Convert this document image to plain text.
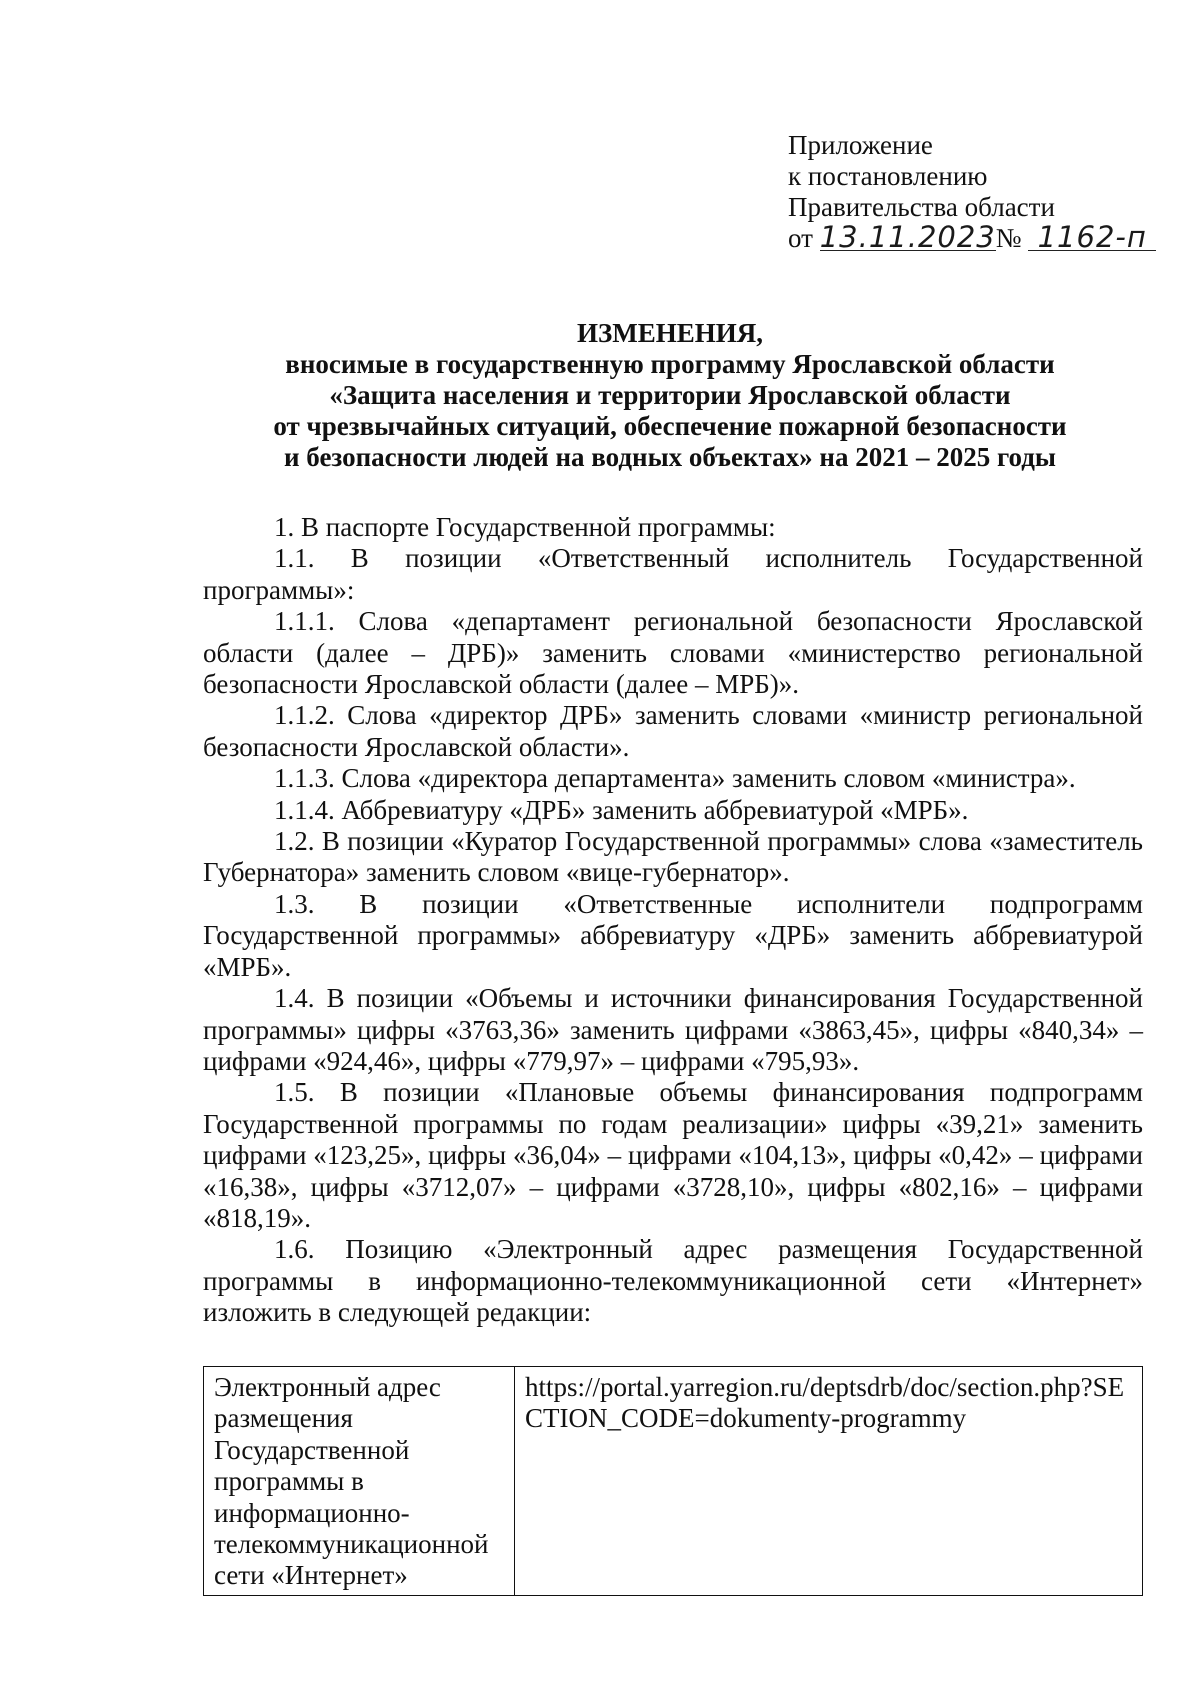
Приложение
к постановлению
Правительства области
от 13.11.2023№ 1162-п
ИЗМЕНЕНИЯ,
вносимые в государственную программу Ярославской области
«Защита населения и территории Ярославской области
от чрезвычайных ситуаций, обеспечение пожарной безопасности
и безопасности людей на водных объектах» на 2021 – 2025 годы

1. В паспорте Государственной программы:

1.1. В позиции «Ответственный исполнитель Государственной программы»:

1.1.1. Слова «департамент региональной безопасности Ярославской области (далее – ДРБ)» заменить словами «министерство региональной безопасности Ярославской области (далее – МРБ)».

1.1.2. Слова «директор ДРБ» заменить словами «министр региональной безопасности Ярославской области».

1.1.3. Слова «директора департамента» заменить словом «министра».

1.1.4. Аббревиатуру «ДРБ» заменить аббревиатурой «МРБ».

1.2. В позиции «Куратор Государственной программы» слова «заместитель Губернатора» заменить словом «вице-губернатор».

1.3. В позиции «Ответственные исполнители подпрограмм Государственной программы» аббревиатуру «ДРБ» заменить аббревиатурой «МРБ».

1.4. В позиции «Объемы и источники финансирования Государственной программы» цифры «3763,36» заменить цифрами «3863,45», цифры «840,34» – цифрами «924,46», цифры «779,97» – цифрами «795,93».

1.5. В позиции «Плановые объемы финансирования подпрограмм Государственной программы по годам реализации» цифры «39,21» заменить цифрами «123,25», цифры «36,04» – цифрами «104,13», цифры «0,42» – цифрами «16,38», цифры «3712,07» – цифрами «3728,10», цифры «802,16» – цифрами «818,19».

1.6. Позицию «Электронный адрес размещения Государственной программы в информационно-телекоммуникационной сети «Интернет» изложить в следующей редакции:

Электронный адрес размещения Государственной программы в информационно-телекоммуникационной сети «Интернет»	https://portal.yarregion.ru/deptsdrb/doc/section.php?SECTION_CODE=dokumenty-programmy
